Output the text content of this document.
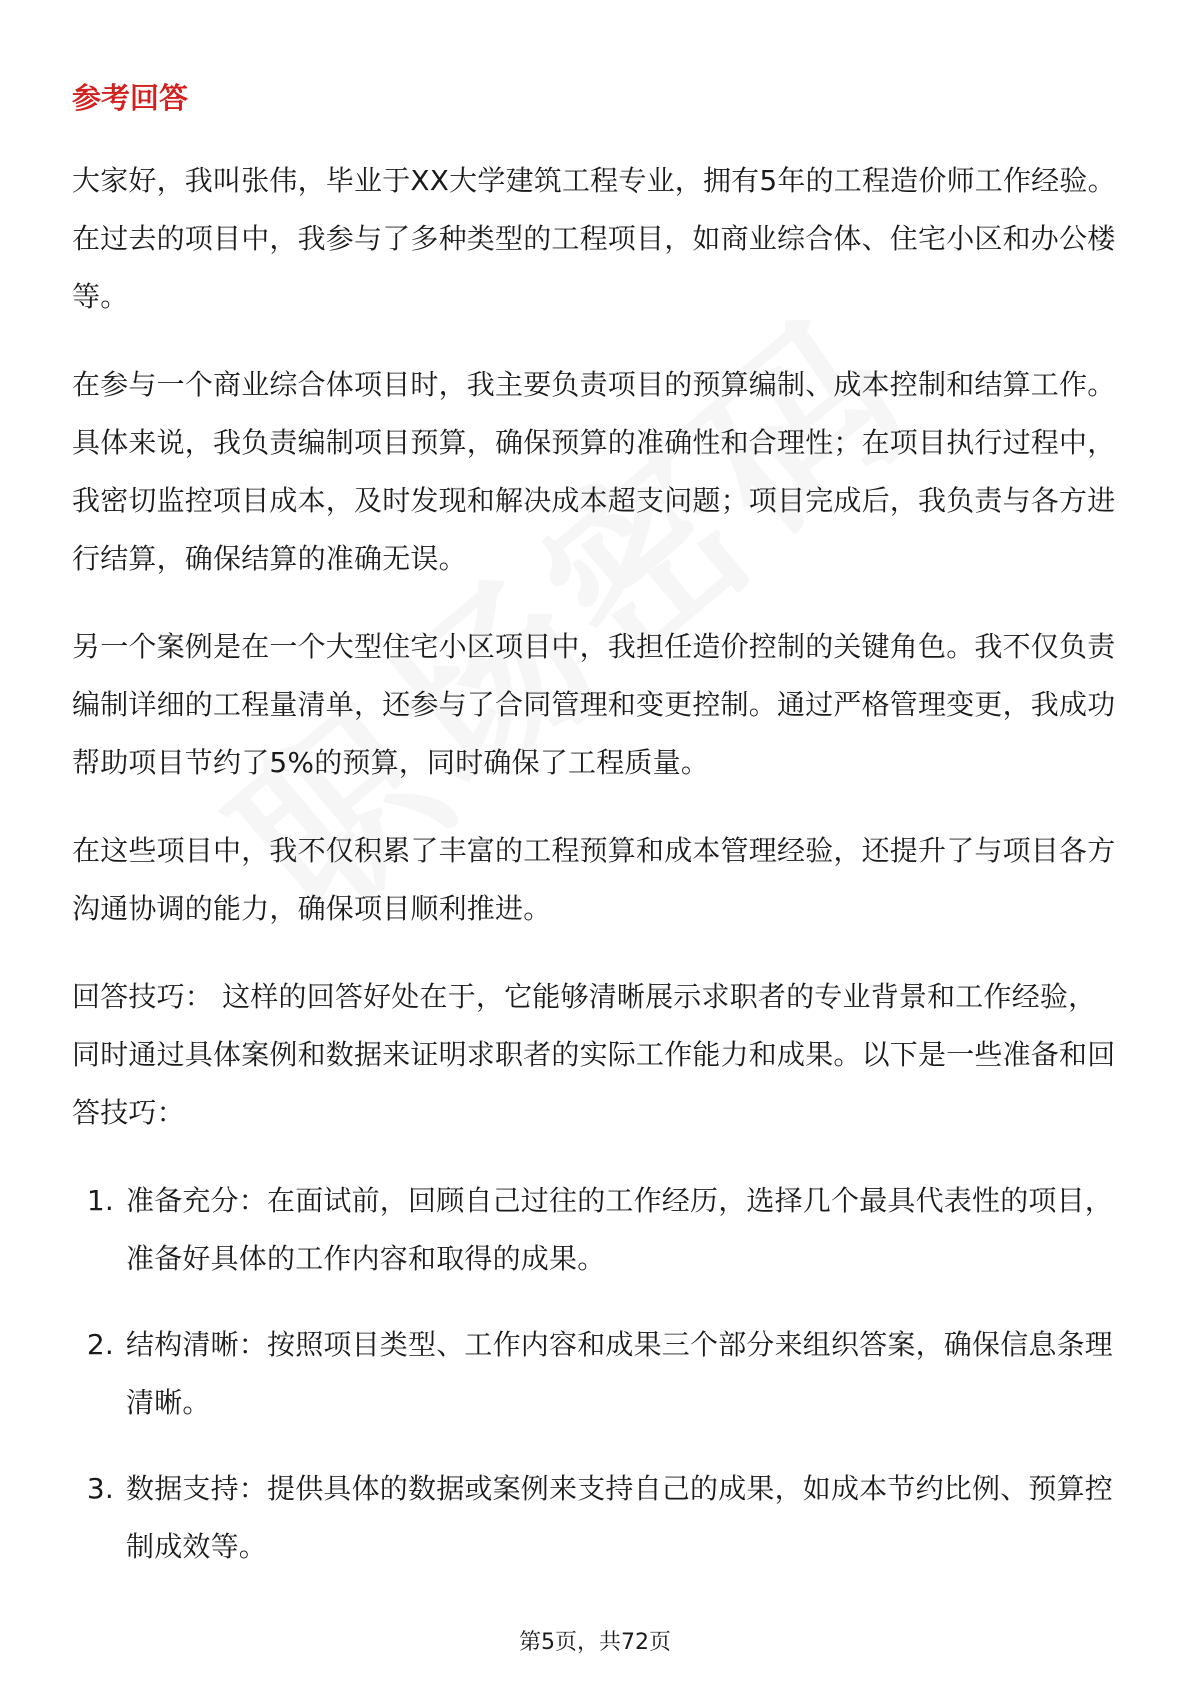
参考回答

大家好，我叫张伟，毕业于XX大学建筑工程专业，拥有5年的工程造价师工作经验。在过去的项目中，我参与了多种类型的工程项目，如商业综合体、住宅小区和办公楼等。

在参与一个商业综合体项目时，我主要负责项目的预算编制、成本控制和结算工作。具体来说，我负责编制项目预算，确保预算的准确性和合理性；在项目执行过程中，我密切监控项目成本，及时发现和解决成本超支问题；项目完成后，我负责与各方进行结算，确保结算的准确无误。

另一个案例是在一个大型住宅小区项目中，我担任造价控制的关键角色。我不仅负责编制详细的工程量清单，还参与了合同管理和变更控制。通过严格管理变更，我成功帮助项目节约了5%的预算，同时确保了工程质量。

在这些项目中，我不仅积累了丰富的工程预算和成本管理经验，还提升了与项目各方沟通协调的能力，确保项目顺利推进。

回答技巧： 这样的回答好处在于，它能够清晰展示求职者的专业背景和工作经验，同时通过具体案例和数据来证明求职者的实际工作能力和成果。以下是一些准备和回答技巧：

1. 准备充分：在面试前，回顾自己过往的工作经历，选择几个最具代表性的项目，准备好具体的工作内容和取得的成果。
2. 结构清晰：按照项目类型、工作内容和成果三个部分来组织答案，确保信息条理清晰。
3. 数据支持：提供具体的数据或案例来支持自己的成果，如成本节约比例、预算控制成效等。
第5页，共72页
